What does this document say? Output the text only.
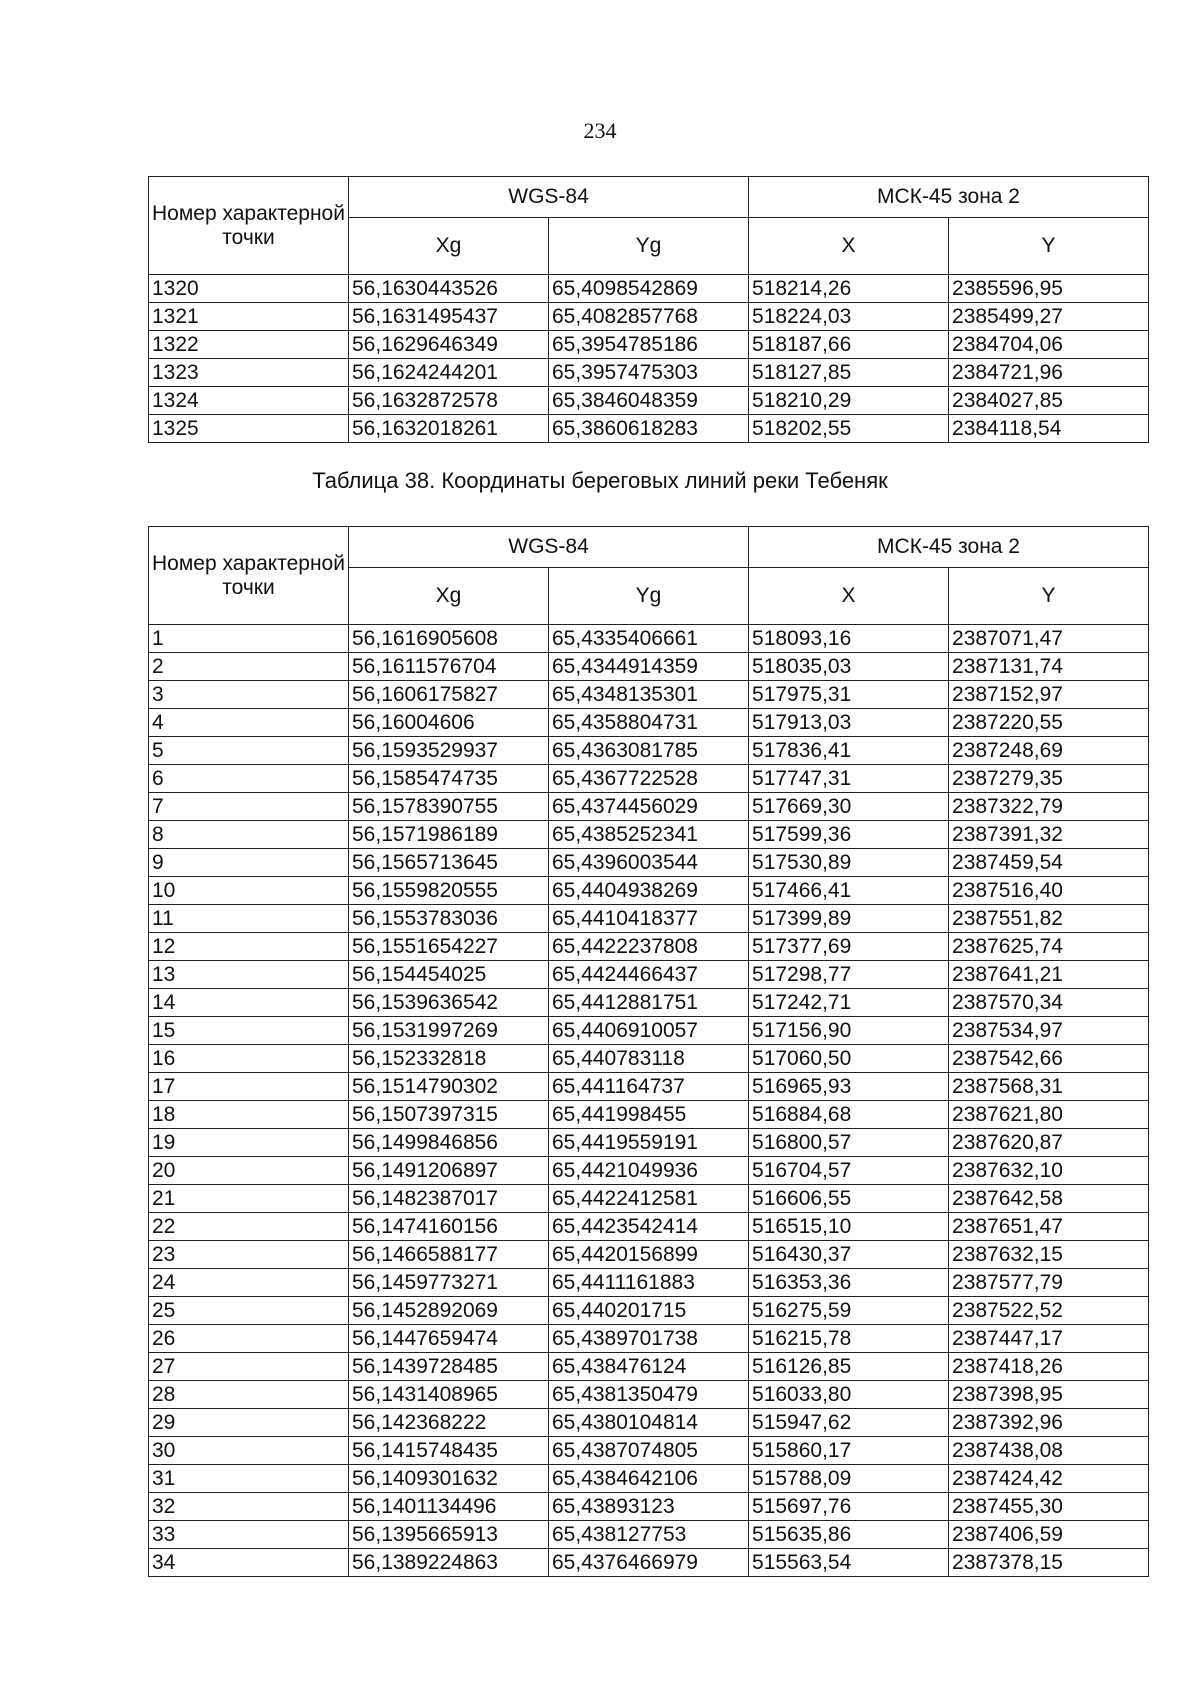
234
Номер характерной точки	WGS-84		МСК-45 зона 2	
	Xg	Yg	X	Y
1320	56,1630443526	65,4098542869	518214,26	2385596,95
1321	56,1631495437	65,4082857768	518224,03	2385499,27
1322	56,1629646349	65,3954785186	518187,66	2384704,06
1323	56,1624244201	65,3957475303	518127,85	2384721,96
1324	56,1632872578	65,3846048359	518210,29	2384027,85
1325	56,1632018261	65,3860618283	518202,55	2384118,54
Таблица 38. Координаты береговых линий реки Тебеняк
Номер характерной точки	WGS-84		МСК-45 зона 2	
	Xg	Yg	X	Y
1	56,1616905608	65,4335406661	518093,16	2387071,47
2	56,1611576704	65,4344914359	518035,03	2387131,74
3	56,1606175827	65,4348135301	517975,31	2387152,97
4	56,16004606	65,4358804731	517913,03	2387220,55
5	56,1593529937	65,4363081785	517836,41	2387248,69
6	56,1585474735	65,4367722528	517747,31	2387279,35
7	56,1578390755	65,4374456029	517669,30	2387322,79
8	56,1571986189	65,4385252341	517599,36	2387391,32
9	56,1565713645	65,4396003544	517530,89	2387459,54
10	56,1559820555	65,4404938269	517466,41	2387516,40
11	56,1553783036	65,4410418377	517399,89	2387551,82
12	56,1551654227	65,4422237808	517377,69	2387625,74
13	56,154454025	65,4424466437	517298,77	2387641,21
14	56,1539636542	65,4412881751	517242,71	2387570,34
15	56,1531997269	65,4406910057	517156,90	2387534,97
16	56,152332818	65,440783118	517060,50	2387542,66
17	56,1514790302	65,441164737	516965,93	2387568,31
18	56,1507397315	65,441998455	516884,68	2387621,80
19	56,1499846856	65,4419559191	516800,57	2387620,87
20	56,1491206897	65,4421049936	516704,57	2387632,10
21	56,1482387017	65,4422412581	516606,55	2387642,58
22	56,1474160156	65,4423542414	516515,10	2387651,47
23	56,1466588177	65,4420156899	516430,37	2387632,15
24	56,1459773271	65,4411161883	516353,36	2387577,79
25	56,1452892069	65,440201715	516275,59	2387522,52
26	56,1447659474	65,4389701738	516215,78	2387447,17
27	56,1439728485	65,438476124	516126,85	2387418,26
28	56,1431408965	65,4381350479	516033,80	2387398,95
29	56,142368222	65,4380104814	515947,62	2387392,96
30	56,1415748435	65,4387074805	515860,17	2387438,08
31	56,1409301632	65,4384642106	515788,09	2387424,42
32	56,1401134496	65,43893123	515697,76	2387455,30
33	56,1395665913	65,438127753	515635,86	2387406,59
34	56,1389224863	65,4376466979	515563,54	2387378,15
